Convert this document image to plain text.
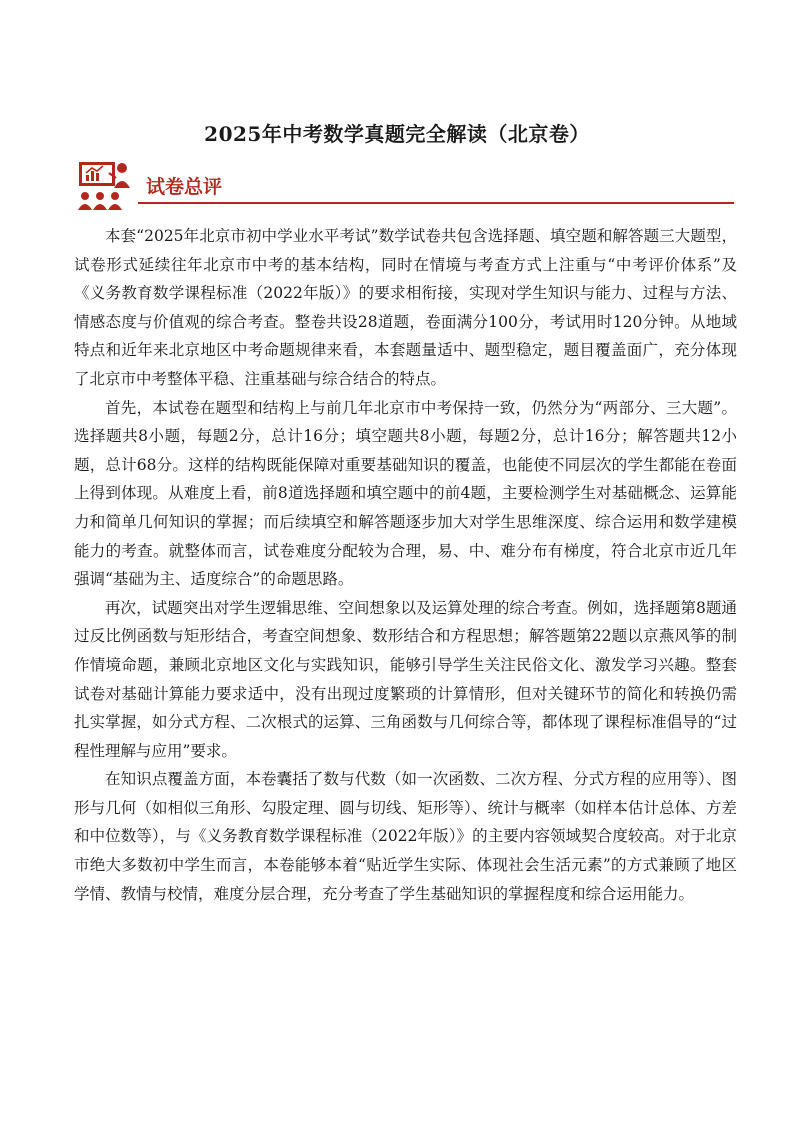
2025年中考数学真题完全解读（北京卷）
试卷总评

本套“2025年北京市初中学业水平考试”数学试卷共包含选择题、填空题和解答题三大题型，试卷形式延续往年北京市中考的基本结构，同时在情境与考查方式上注重与“中考评价体系”及《义务教育数学课程标准（2022年版）》的要求相衔接，实现对学生知识与能力、过程与方法、情感态度与价值观的综合考查。整卷共设28道题，卷面满分100分，考试用时120分钟。从地域特点和近年来北京地区中考命题规律来看，本套题量适中、题型稳定，题目覆盖面广，充分体现了北京市中考整体平稳、注重基础与综合结合的特点。

首先，本试卷在题型和结构上与前几年北京市中考保持一致，仍然分为“两部分、三大题”。选择题共8小题，每题2分，总计16分；填空题共8小题，每题2分，总计16分；解答题共12小题，总计68分。这样的结构既能保障对重要基础知识的覆盖，也能使不同层次的学生都能在卷面上得到体现。从难度上看，前8道选择题和填空题中的前4题，主要检测学生对基础概念、运算能力和简单几何知识的掌握；而后续填空和解答题逐步加大对学生思维深度、综合运用和数学建模能力的考查。就整体而言，试卷难度分配较为合理，易、中、难分布有梯度，符合北京市近几年强调“基础为主、适度综合”的命题思路。

再次，试题突出对学生逻辑思维、空间想象以及运算处理的综合考查。例如，选择题第8题通过反比例函数与矩形结合，考查空间想象、数形结合和方程思想；解答题第22题以京燕风筝的制作情境命题，兼顾北京地区文化与实践知识，能够引导学生关注民俗文化、激发学习兴趣。整套试卷对基础计算能力要求适中，没有出现过度繁琐的计算情形，但对关键环节的简化和转换仍需扎实掌握，如分式方程、二次根式的运算、三角函数与几何综合等，都体现了课程标准倡导的“过程性理解与应用”要求。

在知识点覆盖方面，本卷囊括了数与代数（如一次函数、二次方程、分式方程的应用等）、图形与几何（如相似三角形、勾股定理、圆与切线、矩形等）、统计与概率（如样本估计总体、方差和中位数等），与《义务教育数学课程标准（2022年版）》的主要内容领域契合度较高。对于北京市绝大多数初中学生而言，本卷能够本着“贴近学生实际、体现社会生活元素”的方式兼顾了地区学情、教情与校情，难度分层合理，充分考查了学生基础知识的掌握程度和综合运用能力。
